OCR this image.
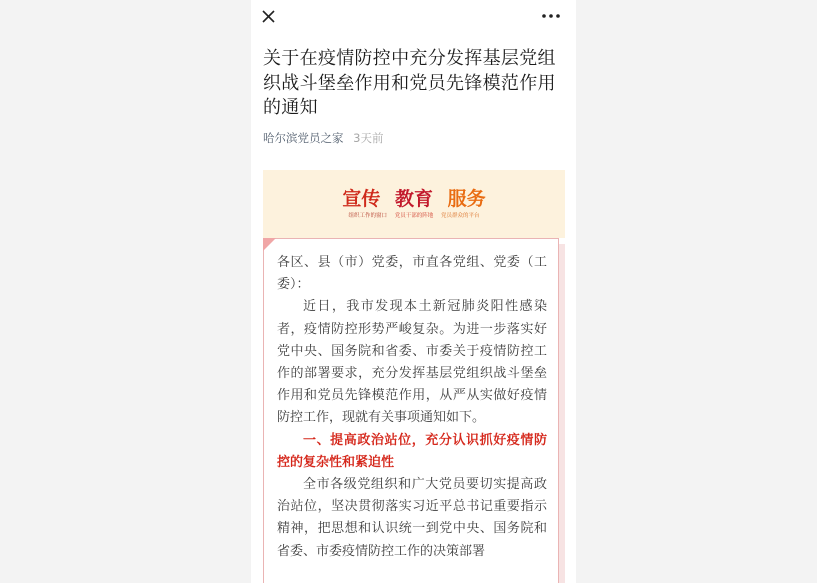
关于在疫情防控中充分发挥基层党组织战斗堡垒作用和党员先锋模范作用的通知
哈尔滨党员之家 3天前
宣传 教育 服务
组织工作的窗口 党员干部的阵地 党员群众的平台

各区、县（市）党委，市直各党组、党委（工委）：

近日，我市发现本土新冠肺炎阳性感染者，疫情防控形势严峻复杂。为进一步落实好党中央、国务院和省委、市委关于疫情防控工作的部署要求，充分发挥基层党组织战斗堡垒作用和党员先锋模范作用，从严从实做好疫情防控工作，现就有关事项通知如下。

一、提高政治站位，充分认识抓好疫情防控的复杂性和紧迫性

全市各级党组织和广大党员要切实提高政治站位，坚决贯彻落实习近平总书记重要指示精神，把思想和认识统一到党中央、国务院和省委、市委疫情防控工作的决策部署
